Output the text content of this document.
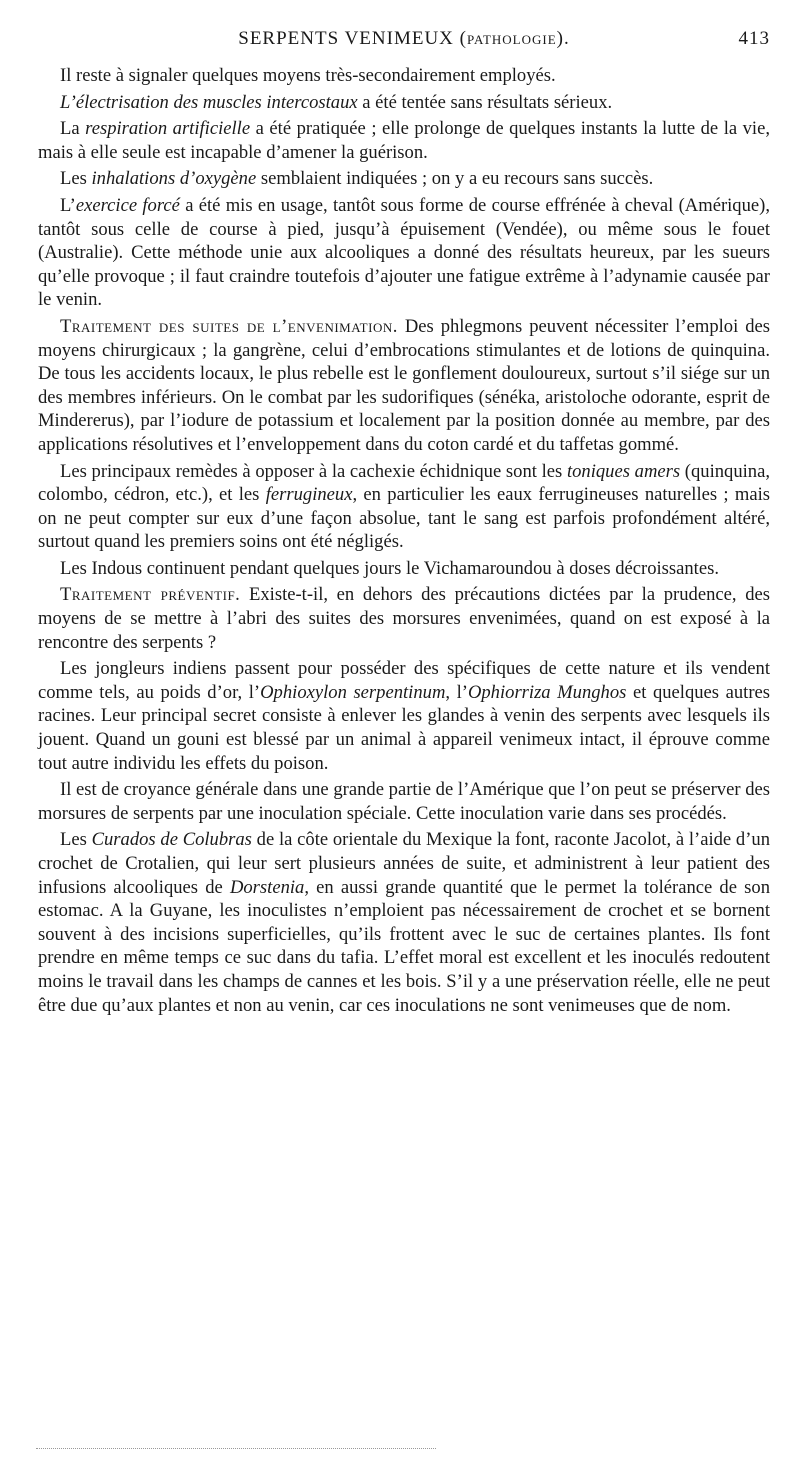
SERPENTS VENIMEUX (pathologie).	413

Il reste à signaler quelques moyens très-secondairement employés.

L’électrisation des muscles intercostaux a été tentée sans résultats sérieux.

La respiration artificielle a été pratiquée ; elle prolonge de quelques instants la lutte de la vie, mais à elle seule est incapable d’amener la guérison.

Les inhalations d’oxygène semblaient indiquées ; on y a eu recours sans succès.

L’exercice forcé a été mis en usage, tantôt sous forme de course effrénée à cheval (Amérique), tantôt sous celle de course à pied, jusqu’à épuisement (Vendée), ou même sous le fouet (Australie). Cette méthode unie aux alcooliques a donné des résultats heureux, par les sueurs qu’elle provoque ; il faut craindre toutefois d’ajouter une fatigue extrême à l’adynamie causée par le venin.

Traitement des suites de l’envenimation. Des phlegmons peuvent nécessiter l’emploi des moyens chirurgicaux ; la gangrène, celui d’embrocations stimulantes et de lotions de quinquina. De tous les accidents locaux, le plus rebelle est le gonflement douloureux, surtout s’il siége sur un des membres inférieurs. On le combat par les sudorifiques (sénéka, aristoloche odorante, esprit de Mindererus), par l’iodure de potassium et localement par la position donnée au membre, par des applications résolutives et l’enveloppement dans du coton cardé et du taffetas gommé.

Les principaux remèdes à opposer à la cachexie échidnique sont les toniques amers (quinquina, colombo, cédron, etc.), et les ferrugineux, en particulier les eaux ferrugineuses naturelles ; mais on ne peut compter sur eux d’une façon absolue, tant le sang est parfois profondément altéré, surtout quand les premiers soins ont été négligés.

Les Indous continuent pendant quelques jours le Vichamaroundou à doses décroissantes.

Traitement préventif. Existe-t-il, en dehors des précautions dictées par la prudence, des moyens de se mettre à l’abri des suites des morsures envenimées, quand on est exposé à la rencontre des serpents ?

Les jongleurs indiens passent pour posséder des spécifiques de cette nature et ils vendent comme tels, au poids d’or, l’Ophioxylon serpentinum, l’Ophiorriza Munghos et quelques autres racines. Leur principal secret consiste à enlever les glandes à venin des serpents avec lesquels ils jouent. Quand un gouni est blessé par un animal à appareil venimeux intact, il éprouve comme tout autre individu les effets du poison.

Il est de croyance générale dans une grande partie de l’Amérique que l’on peut se préserver des morsures de serpents par une inoculation spéciale. Cette inoculation varie dans ses procédés.

Les Curados de Colubras de la côte orientale du Mexique la font, raconte Jacolot, à l’aide d’un crochet de Crotalien, qui leur sert plusieurs années de suite, et administrent à leur patient des infusions alcooliques de Dorstenia, en aussi grande quantité que le permet la tolérance de son estomac. A la Guyane, les inoculistes n’emploient pas nécessairement de crochet et se bornent souvent à des incisions superficielles, qu’ils frottent avec le suc de certaines plantes. Ils font prendre en même temps ce suc dans du tafia. L’effet moral est excellent et les inoculés redoutent moins le travail dans les champs de cannes et les bois. S’il y a une préservation réelle, elle ne peut être due qu’aux plantes et non au venin, car ces inoculations ne sont venimeuses que de nom.
